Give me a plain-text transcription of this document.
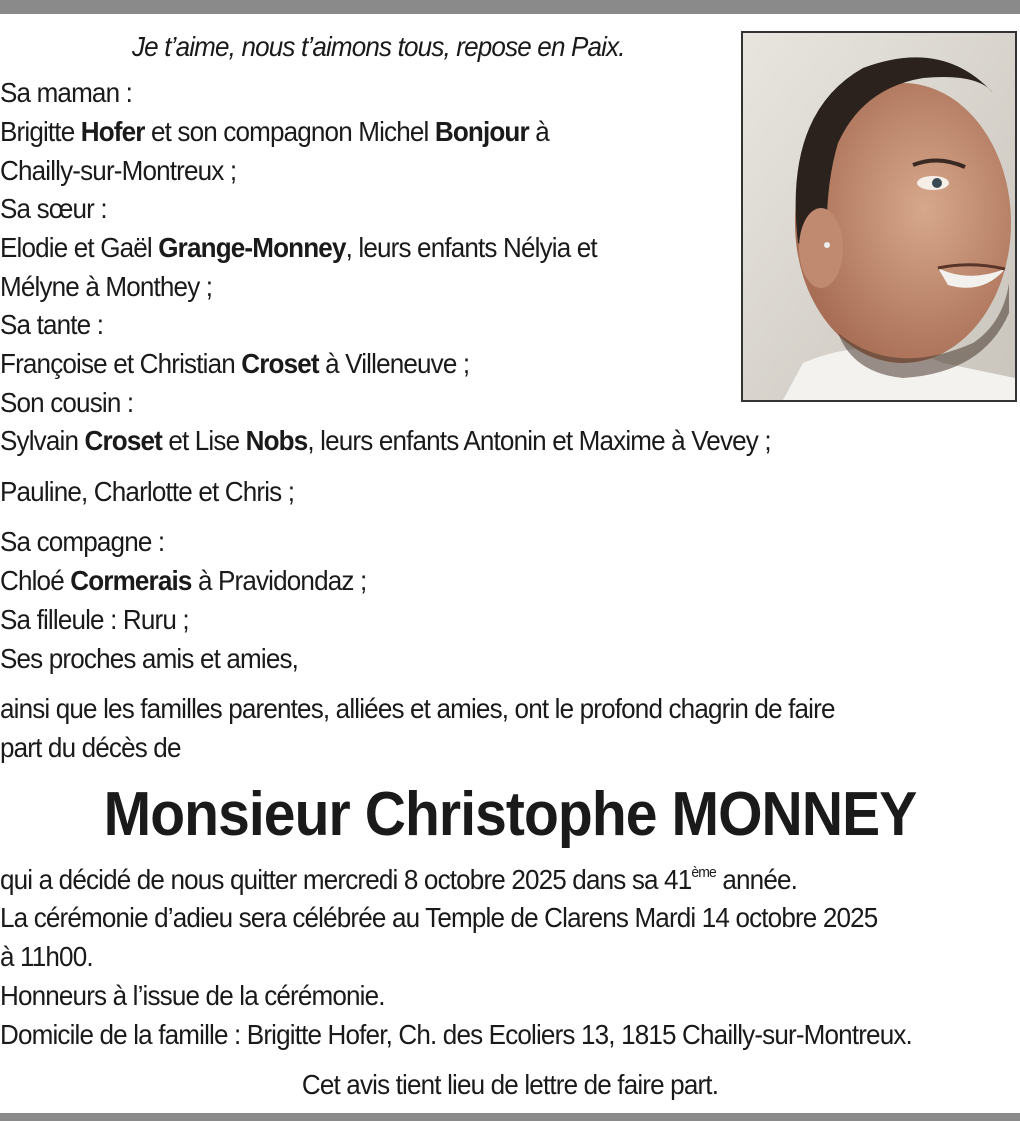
Je t’aime, nous t’aimons tous, repose en Paix.

Sa maman :

Brigitte Hofer et son compagnon Michel Bonjour à

Chailly-sur-Montreux ;

Sa sœur :

Elodie et Gaël Grange-Monney, leurs enfants Nélyia et

Mélyne à Monthey ;

Sa tante :

Françoise et Christian Croset à Villeneuve ;

Son cousin :

Sylvain Croset et Lise Nobs, leurs enfants Antonin et Maxime à Vevey ;

Pauline, Charlotte et Chris ;

Sa compagne :

Chloé Cormerais à Pravidondaz ;

Sa filleule : Ruru ;

Ses proches amis et amies,

ainsi que les familles parentes, alliées et amies, ont le profond chagrin de faire

part du décès de

Monsieur Christophe MONNEY

qui a décidé de nous quitter mercredi 8 octobre 2025 dans sa 41ème année.

La cérémonie d’adieu sera célébrée au Temple de Clarens Mardi 14 octobre 2025

à 11h00.

Honneurs à l’issue de la cérémonie.

Domicile de la famille : Brigitte Hofer, Ch. des Ecoliers 13, 1815 Chailly-sur-Montreux.

Cet avis tient lieu de lettre de faire part.
